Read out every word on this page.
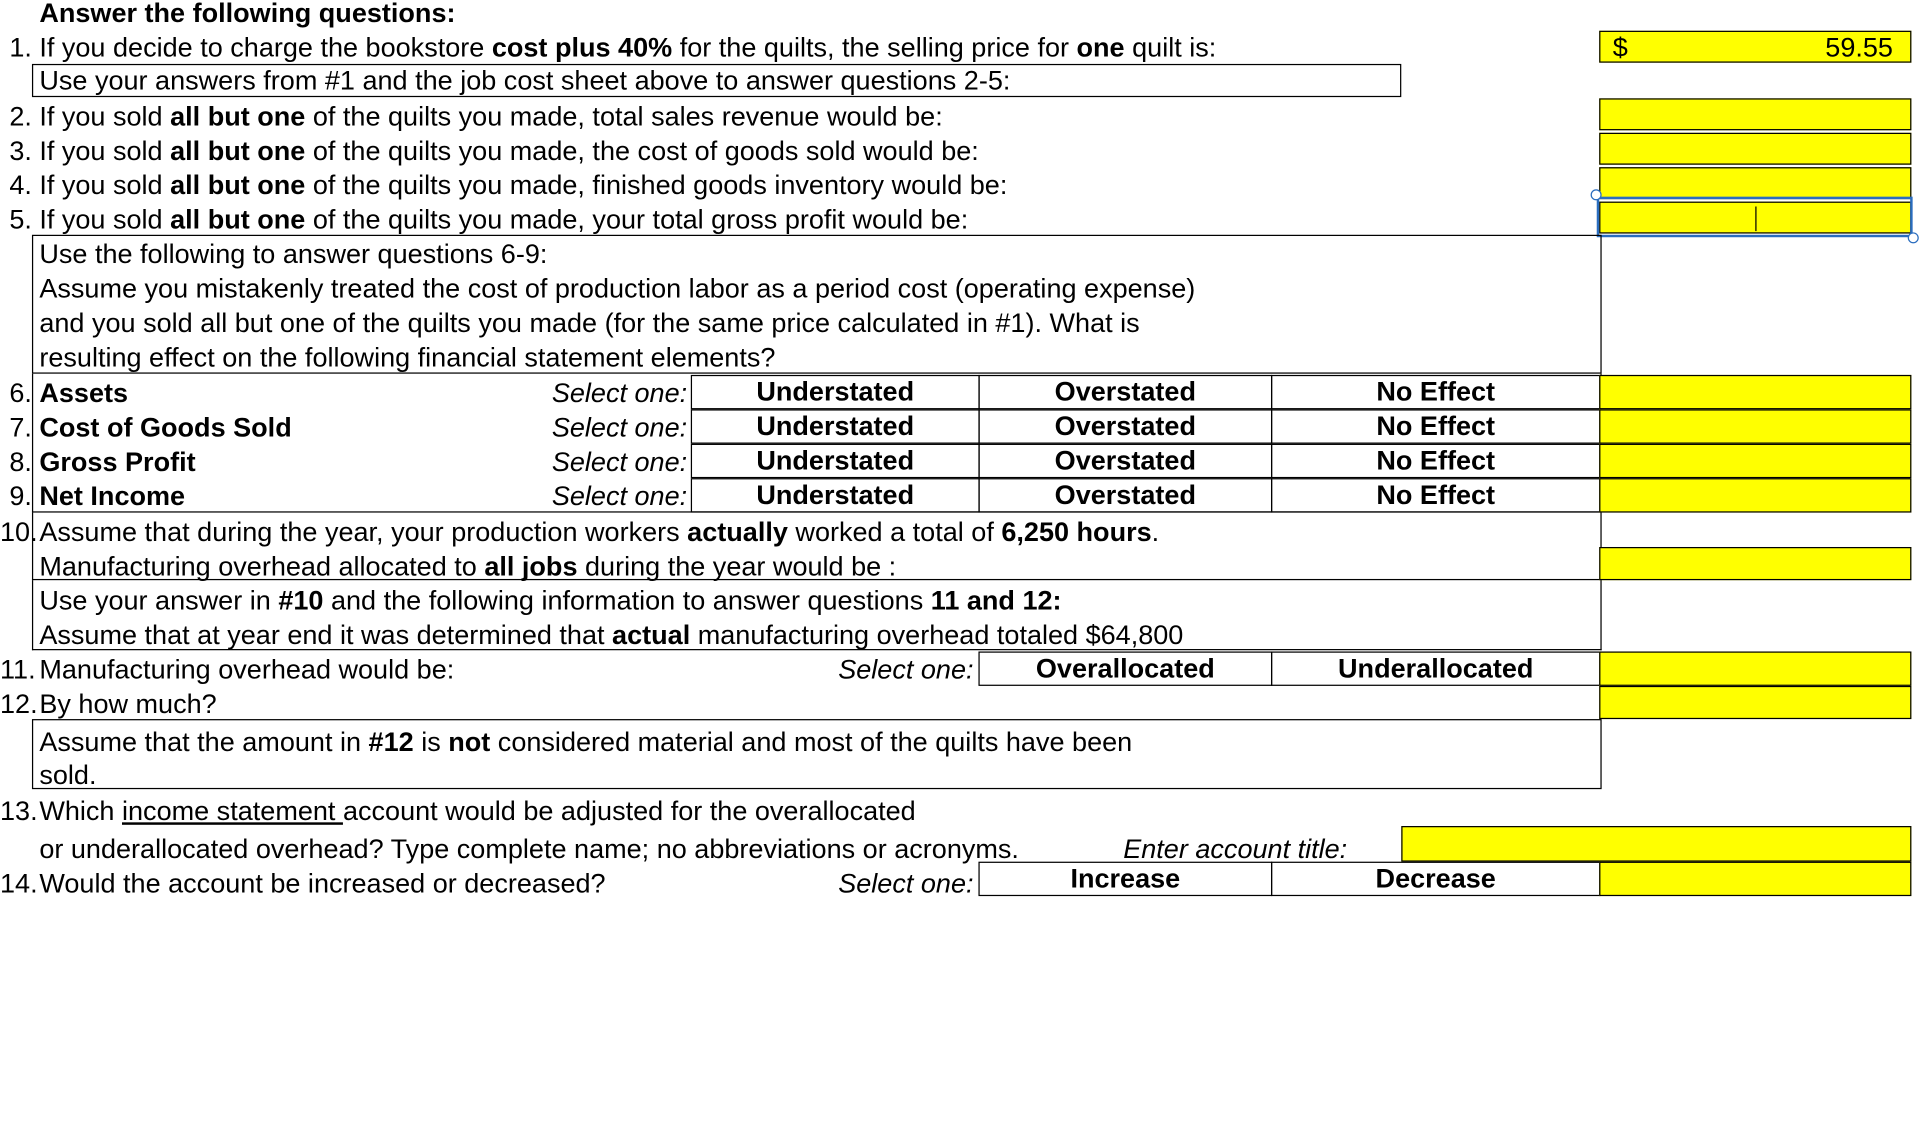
Answer the following questions:
1. If you decide to charge the bookstore cost plus 40% for the quilts, the selling price for one quilt is:	$	59.55
Use your answers from #1 and the job cost sheet above to answer questions 2-5:
2. If you sold all but one of the quilts you made, total sales revenue would be:
3. If you sold all but one of the quilts you made, the cost of goods sold would be:
4. If you sold all but one of the quilts you made, finished goods inventory would be:
5. If you sold all but one of the quilts you made, your total gross profit would be:
Use the following to answer questions 6-9:
Assume you mistakenly treated the cost of production labor as a period cost (operating expense)
and you sold all but one of the quilts you made (for the same price calculated in #1). What is
resulting effect on the following financial statement elements?
6. Assets	Select one:	Understated	Overstated	No Effect
7. Cost of Goods Sold	Select one:	Understated	Overstated	No Effect
8. Gross Profit	Select one:	Understated	Overstated	No Effect
9. Net Income	Select one:	Understated	Overstated	No Effect
10. Assume that during the year, your production workers actually worked a total of 6,250 hours.
Manufacturing overhead allocated to all jobs during the year would be :
Use your answer in #10 and the following information to answer questions 11 and 12:
Assume that at year end it was determined that actual manufacturing overhead totaled $64,800
11. Manufacturing overhead would be:	Select one:	Overallocated	Underallocated
12. By how much?
Assume that the amount in #12 is not considered material and most of the quilts have been
sold.
13. Which income statement account would be adjusted for the overallocated
or underallocated overhead? Type complete name; no abbreviations or acronyms.	Enter account title:
14. Would the account be increased or decreased?	Select one:	Increase	Decrease
